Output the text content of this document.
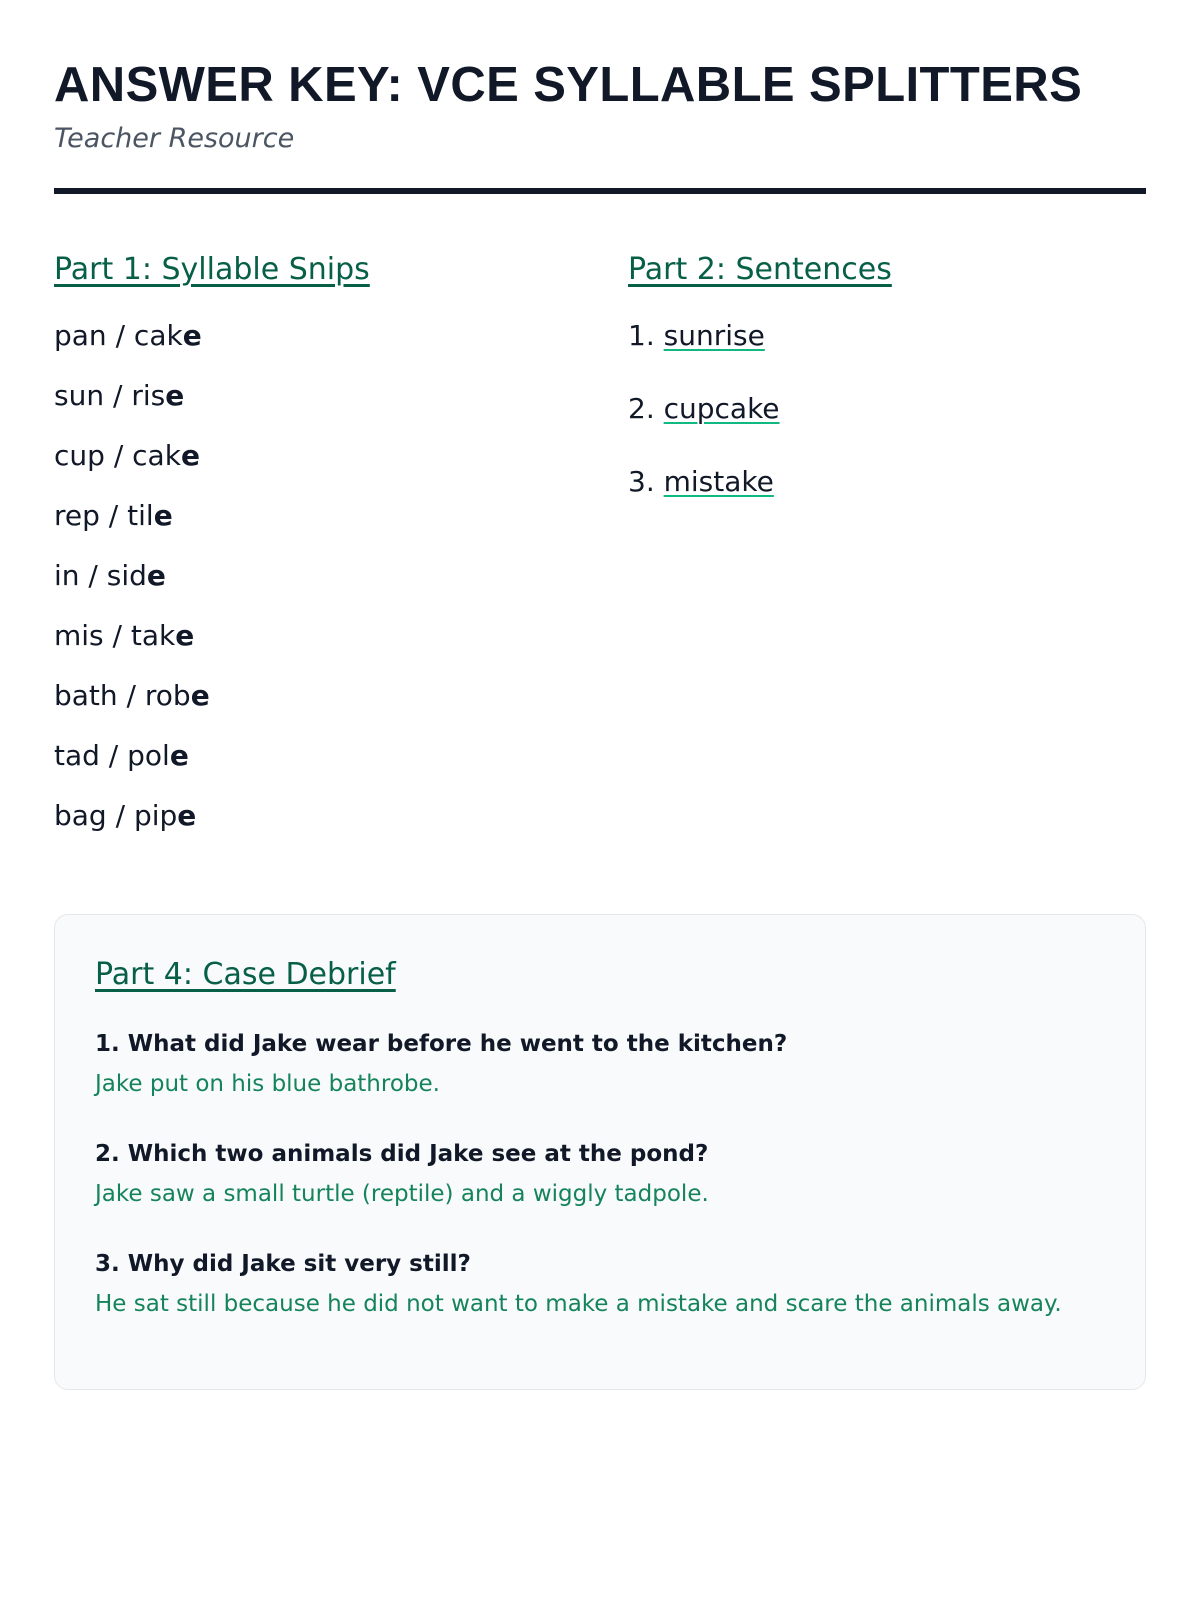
ANSWER KEY: VCE SYLLABLE SPLITTERS
Teacher Resource
Part 1: Syllable Snips
pan / cake
sun / rise
cup / cake
rep / tile
in / side
mis / take
bath / robe
tad / pole
bag / pipe
Part 2: Sentences
1. sunrise
2. cupcake
3. mistake
Part 4: Case Debrief
1. What did Jake wear before he went to the kitchen?
Jake put on his blue bathrobe.
2. Which two animals did Jake see at the pond?
Jake saw a small turtle (reptile) and a wiggly tadpole.
3. Why did Jake sit very still?
He sat still because he did not want to make a mistake and scare the animals away.
